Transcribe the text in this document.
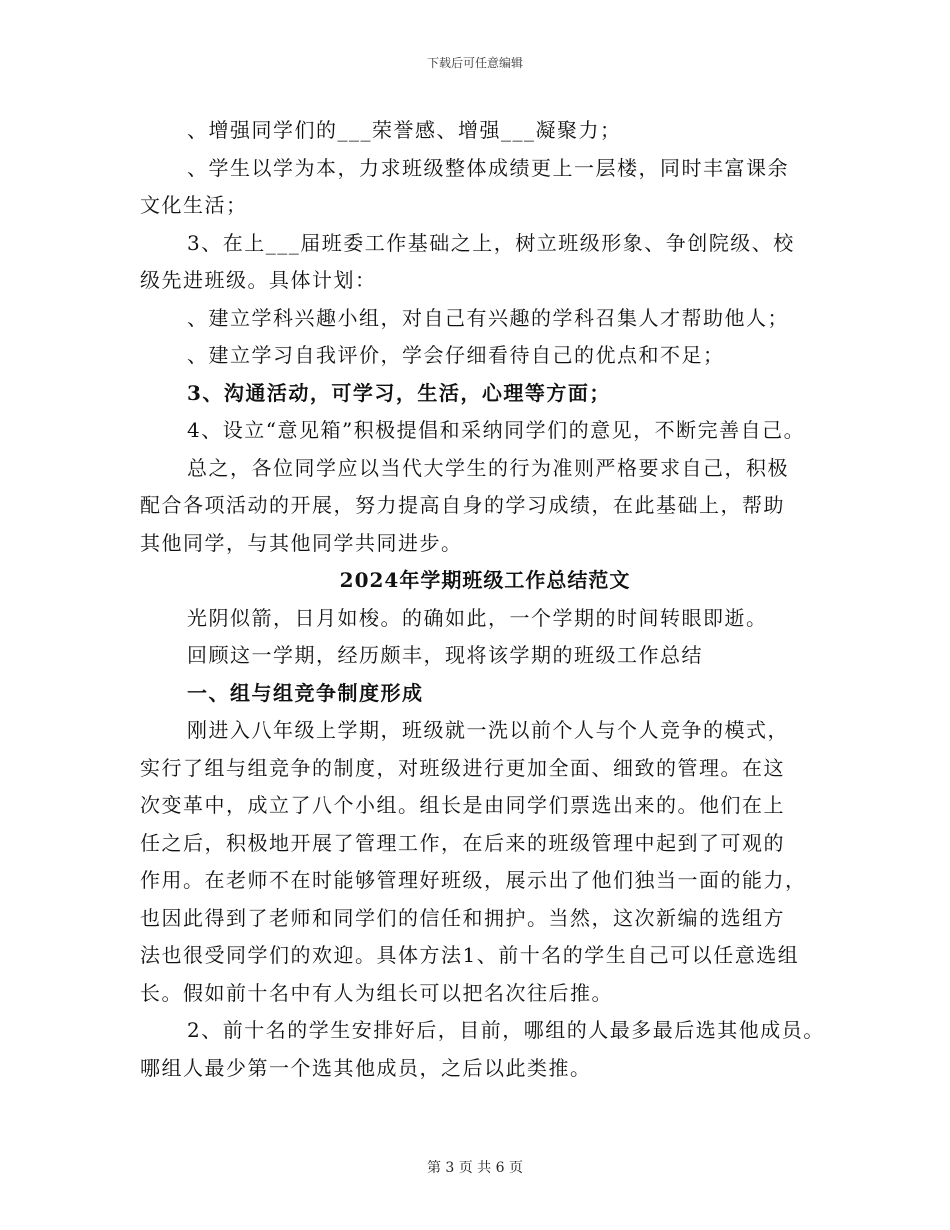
下载后可任意编辑
、增强同学们的___荣誉感、增强___凝聚力；
、学生以学为本，力求班级整体成绩更上一层楼，同时丰富课余
文化生活；
3、在上___届班委工作基础之上，树立班级形象、争创院级、校
级先进班级。具体计划：
、建立学科兴趣小组，对自己有兴趣的学科召集人才帮助他人；
、建立学习自我评价，学会仔细看待自己的优点和不足；
3、沟通活动，可学习，生活，心理等方面；
4、设立“意见箱”积极提倡和采纳同学们的意见，不断完善自己。
总之，各位同学应以当代大学生的行为准则严格要求自己，积极
配合各项活动的开展，努力提高自身的学习成绩，在此基础上，帮助
其他同学，与其他同学共同进步。
2024年学期班级工作总结范文
光阴似箭，日月如梭。的确如此，一个学期的时间转眼即逝。
回顾这一学期，经历颇丰，现将该学期的班级工作总结
一、组与组竞争制度形成
刚进入八年级上学期，班级就一洗以前个人与个人竞争的模式，
实行了组与组竞争的制度，对班级进行更加全面、细致的管理。在这
次变革中，成立了八个小组。组长是由同学们票选出来的。他们在上
任之后，积极地开展了管理工作，在后来的班级管理中起到了可观的
作用。在老师不在时能够管理好班级，展示出了他们独当一面的能力，
也因此得到了老师和同学们的信任和拥护。当然，这次新编的选组方
法也很受同学们的欢迎。具体方法1、前十名的学生自己可以任意选组
长。假如前十名中有人为组长可以把名次往后推。
2、前十名的学生安排好后，目前，哪组的人最多最后选其他成员。
哪组人最少第一个选其他成员，之后以此类推。
第 3 页 共 6 页
